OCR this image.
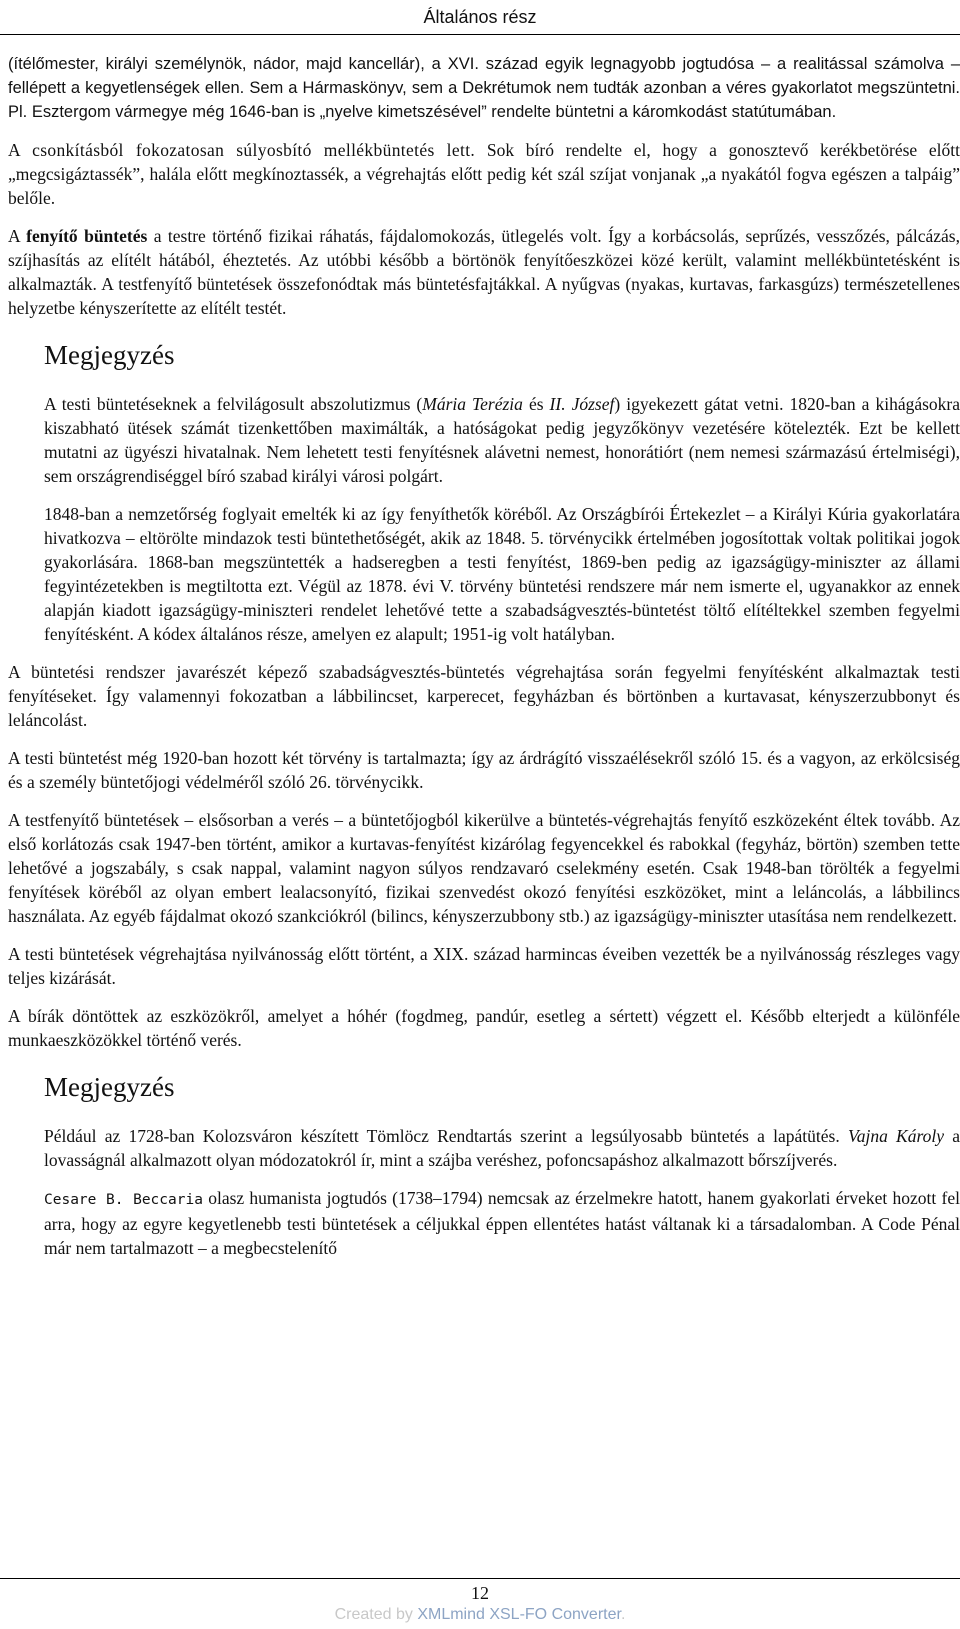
Általános rész

(ítélőmester, királyi személynök, nádor, majd kancellár), a XVI. század egyik legnagyobb jogtudósa – a realitással számolva – fellépett a kegyetlenségek ellen. Sem a Hármaskönyv, sem a Dekrétumok nem tudták azonban a véres gyakorlatot megszüntetni. Pl. Esztergom vármegye még 1646-ban is „nyelve kimetszésével” rendelte büntetni a káromkodást statútumában.

A csonkításból fokozatosan súlyosbító mellékbüntetés lett. Sok bíró rendelte el, hogy a gonosztevő kerékbetörése előtt „megcsigáztassék”, halála előtt megkínoztassék, a végrehajtás előtt pedig két szál szíjat vonjanak „a nyakától fogva egészen a talpáig” belőle.

A fenyítő büntetés a testre történő fizikai ráhatás, fájdalomokozás, ütlegelés volt. Így a korbácsolás, seprűzés, vesszőzés, pálcázás, szíjhasítás az elítélt hátából, éheztetés. Az utóbbi később a börtönök fenyítőeszközei közé került, valamint mellékbüntetésként is alkalmazták. A testfenyítő büntetések összefonódtak más büntetésfajtákkal. A nyűgvas (nyakas, kurtavas, farkasgúzs) természetellenes helyzetbe kényszerítette az elítélt testét.

Megjegyzés

A testi büntetéseknek a felvilágosult abszolutizmus (Mária Terézia és II. József) igyekezett gátat vetni. 1820-ban a kihágásokra kiszabható ütések számát tizenkettőben maximálták, a hatóságokat pedig jegyzőkönyv vezetésére kötelezték. Ezt be kellett mutatni az ügyészi hivatalnak. Nem lehetett testi fenyítésnek alávetni nemest, honorátiórt (nem nemesi származású értelmiségi), sem országrendiséggel bíró szabad királyi városi polgárt.

1848-ban a nemzetőrség foglyait emelték ki az így fenyíthetők köréből. Az Országbírói Értekezlet – a Királyi Kúria gyakorlatára hivatkozva – eltörölte mindazok testi büntethetőségét, akik az 1848. 5. törvénycikk értelmében jogosítottak voltak politikai jogok gyakorlására. 1868-ban megszüntették a hadseregben a testi fenyítést, 1869-ben pedig az igazságügy-miniszter az állami fegyintézetekben is megtiltotta ezt. Végül az 1878. évi V. törvény büntetési rendszere már nem ismerte el, ugyanakkor az ennek alapján kiadott igazságügy-miniszteri rendelet lehetővé tette a szabadságvesztés-büntetést töltő elítéltekkel szemben fegyelmi fenyítésként. A kódex általános része, amelyen ez alapult; 1951-ig volt hatályban.

A büntetési rendszer javarészét képező szabadságvesztés-büntetés végrehajtása során fegyelmi fenyítésként alkalmaztak testi fenyítéseket. Így valamennyi fokozatban a lábbilincset, karperecet, fegyházban és börtönben a kurtavasat, kényszerzubbonyt és leláncolást.

A testi büntetést még 1920-ban hozott két törvény is tartalmazta; így az árdrágító visszaélésekről szóló 15. és a vagyon, az erkölcsiség és a személy büntetőjogi védelméről szóló 26. törvénycikk.

A testfenyítő büntetések – elsősorban a verés – a büntetőjogból kikerülve a büntetés-végrehajtás fenyítő eszközeként éltek tovább. Az első korlátozás csak 1947-ben történt, amikor a kurtavas-fenyítést kizárólag fegyencekkel és rabokkal (fegyház, börtön) szemben tette lehetővé a jogszabály, s csak nappal, valamint nagyon súlyos rendzavaró cselekmény esetén. Csak 1948-ban törölték a fegyelmi fenyítések köréből az olyan embert lealacsonyító, fizikai szenvedést okozó fenyítési eszközöket, mint a leláncolás, a lábbilincs használata. Az egyéb fájdalmat okozó szankciókról (bilincs, kényszerzubbony stb.) az igazságügy-miniszter utasítása nem rendelkezett.

A testi büntetések végrehajtása nyilvánosság előtt történt, a XIX. század harmincas éveiben vezették be a nyilvánosság részleges vagy teljes kizárását.

A bírák döntöttek az eszközökről, amelyet a hóhér (fogdmeg, pandúr, esetleg a sértett) végzett el. Később elterjedt a különféle munkaeszközökkel történő verés.

Megjegyzés

Például az 1728-ban Kolozsváron készített Tömlöcz Rendtartás szerint a legsúlyosabb büntetés a lapátütés. Vajna Károly a lovasságnál alkalmazott olyan módozatokról ír, mint a szájba veréshez, pofoncsapáshoz alkalmazott bőrszíjverés.

Cesare B. Beccaria olasz humanista jogtudós (1738–1794) nemcsak az érzelmekre hatott, hanem gyakorlati érveket hozott fel arra, hogy az egyre kegyetlenebb testi büntetések a céljukkal éppen ellentétes hatást váltanak ki a társadalomban. A Code Pénal már nem tartalmazott – a megbecstelenítő

12
Created by XMLmind XSL-FO Converter.
